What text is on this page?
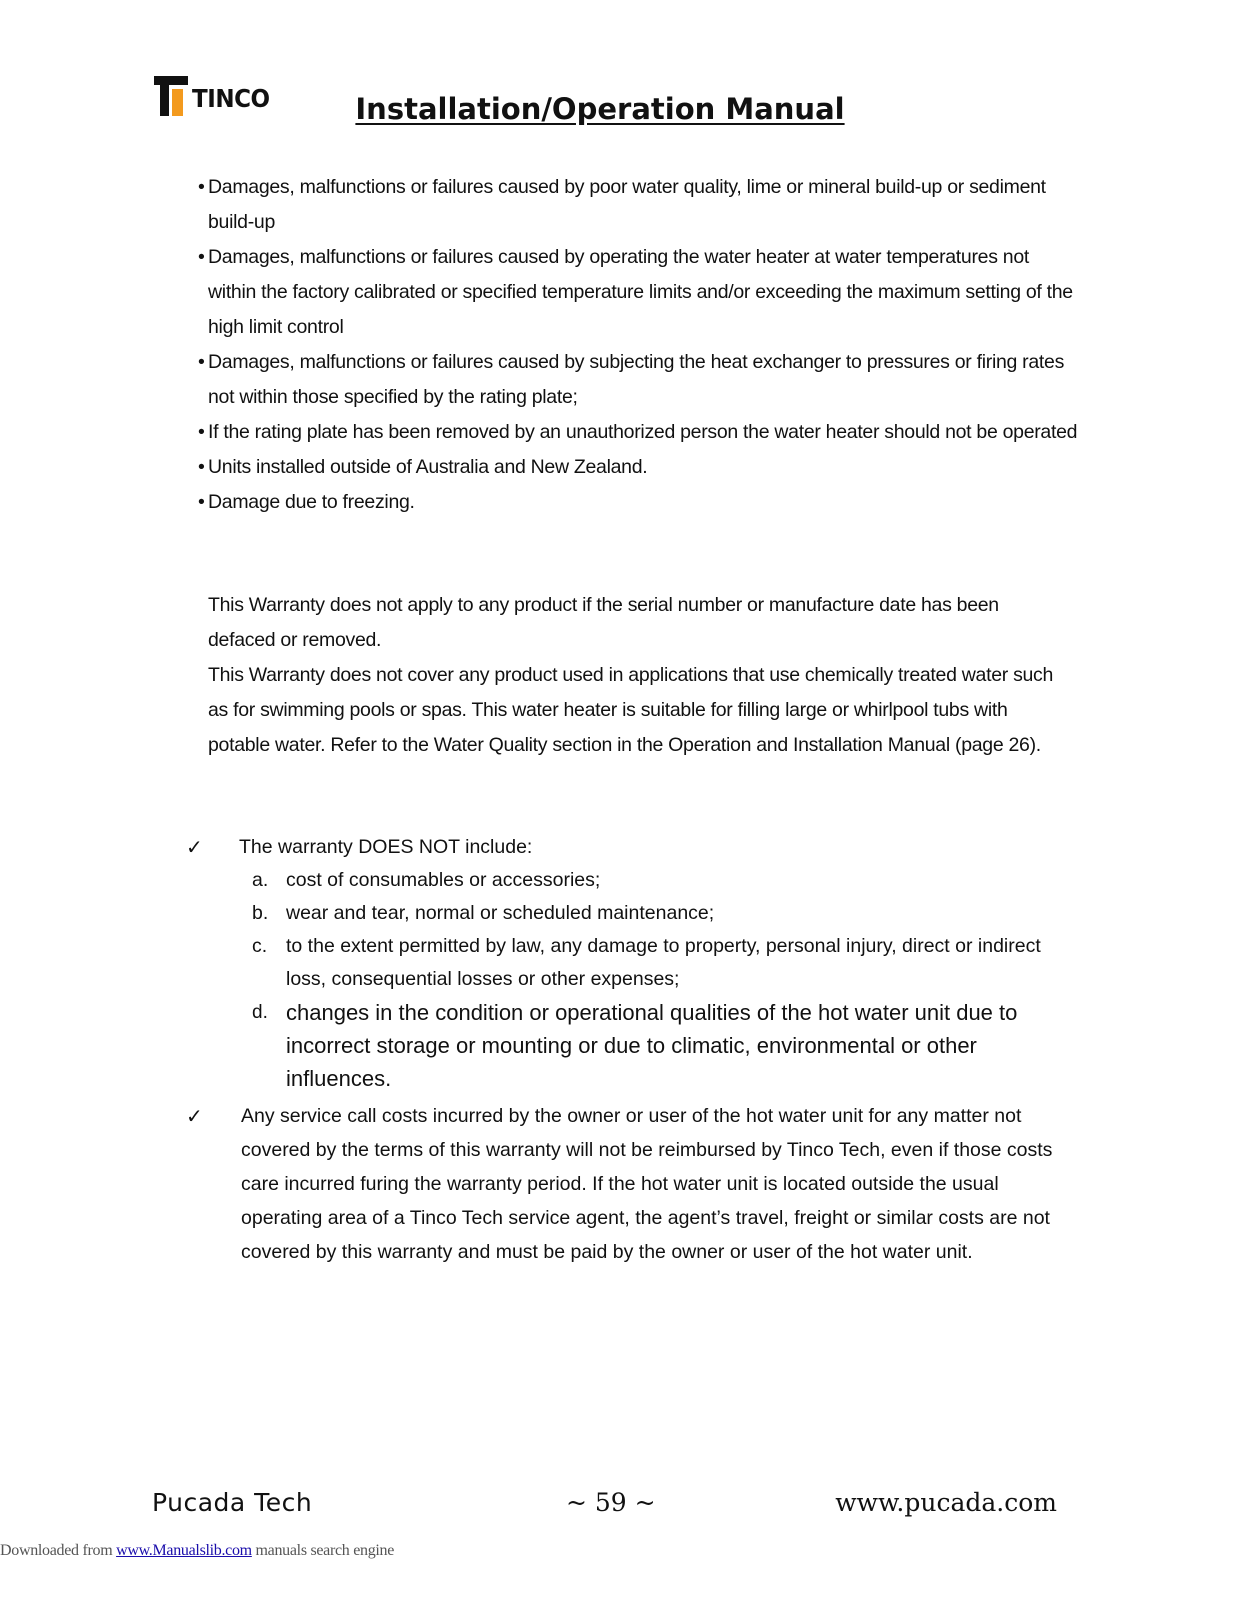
TINCO	Installation/Operation Manual
• Damages, malfunctions or failures caused by poor water quality, lime or mineral build-up or sediment build-up
• Damages, malfunctions or failures caused by operating the water heater at water temperatures not within the factory calibrated or specified temperature limits and/or exceeding the maximum setting of the high limit control
• Damages, malfunctions or failures caused by subjecting the heat exchanger to pressures or firing rates not within those specified by the rating plate;
• If the rating plate has been removed by an unauthorized person the water heater should not be operated
• Units installed outside of Australia and New Zealand.
• Damage due to freezing.

This Warranty does not apply to any product if the serial number or manufacture date has been defaced or removed.

This Warranty does not cover any product used in applications that use chemically treated water such as for swimming pools or spas. This water heater is suitable for filling large or whirlpool tubs with potable water. Refer to the Water Quality section in the Operation and Installation Manual (page 26).

✓ The warranty DOES NOT include:
a. cost of consumables or accessories;
b. wear and tear, normal or scheduled maintenance;
c. to the extent permitted by law, any damage to property, personal injury, direct or indirect loss, consequential losses or other expenses;
d. changes in the condition or operational qualities of the hot water unit due to incorrect storage or mounting or due to climatic, environmental or other influences.
✓ Any service call costs incurred by the owner or user of the hot water unit for any matter not covered by the terms of this warranty will not be reimbursed by Tinco Tech, even if those costs care incurred furing the warranty period. If the hot water unit is located outside the usual operating area of a Tinco Tech service agent, the agent’s travel, freight or similar costs are not covered by this warranty and must be paid by the owner or user of the hot water unit.
Pucada Tech	~ 59 ~	www.pucada.com
Downloaded from www.Manualslib.com manuals search engine
